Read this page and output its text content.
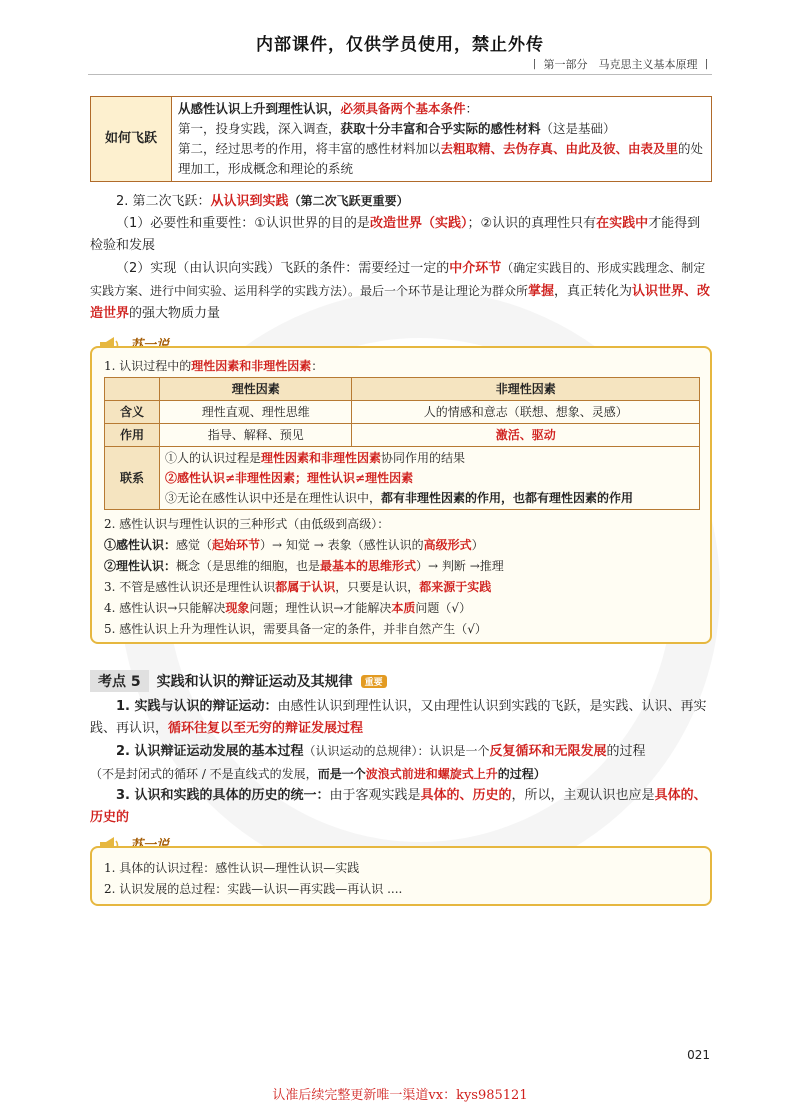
内部课件，仅供学员使用，禁止外传
丨 第一部分　马克思主义基本原理 丨
如何飞跃	
从感性认识上升到理性认识，必须具备两个基本条件：
第一，投身实践，深入调查，获取十分丰富和合乎实际的感性材料（这是基础）
第二，经过思考的作用，将丰富的感性材料加以去粗取精、去伪存真、由此及彼、由表及里的处理加工，形成概念和理论的系统

2. 第二次飞跃：从认识到实践（第二次飞跃更重要）

（1）必要性和重要性：①认识世界的目的是改造世界（实践）；②认识的真理性只有在实践中才能得到检验和发展

（2）实现（由认识向实践）飞跃的条件：需要经过一定的中介环节（确定实践目的、形成实践理念、制定实践方案、进行中间实验、运用科学的实践方法）。最后一个环节是让理论为群众所掌握，真正转化为认识世界、改造世界的强大物质力量

1. 认识过程中的理性因素和非理性因素：
	理性因素	非理性因素
含义	理性直观、理性思维	人的情感和意志（联想、想象、灵感）
作用	指导、解释、预见	激活、驱动
联系	①人的认识过程是理性因素和非理性因素协同作用的结果
②感性认识≠非理性因素；理性认识≠理性因素
③无论在感性认识中还是在理性认识中，都有非理性因素的作用，也都有理性因素的作用	
2. 感性认识与理性认识的三种形式（由低级到高级）：
①感性认识：感觉（起始环节）→ 知觉 → 表象（感性认识的高级形式）
②理性认识：概念（是思维的细胞，也是最基本的思维形式）→ 判断 →推理
3. 不管是感性认识还是理性认识都属于认识，只要是认识，都来源于实践
4. 感性认识→只能解决现象问题；理性认识→才能解决本质问题（√）
5. 感性认识上升为理性认识，需要具备一定的条件，并非自然产生（√）
考点 5	实践和认识的辩证运动及其规律	重要

1. 实践与认识的辩证运动：由感性认识到理性认识，又由理性认识到实践的飞跃，是实践、认识、再实践、再认识，循环往复以至无穷的辩证发展过程

2. 认识辩证运动发展的基本过程（认识运动的总规律）：认识是一个反复循环和无限发展的过程

（不是封闭式的循环 / 不是直线式的发展，而是一个波浪式前进和螺旋式上升的过程）

3. 认识和实践的具体的历史的统一：由于客观实践是具体的、历史的，所以，主观认识也应是具体的、历史的

1. 具体的认识过程：感性认识—理性认识—实践
2. 认识发展的总过程：实践—认识—再实践—再认识 ....
021
认准后续完整更新唯一渠道vx：kys985121
